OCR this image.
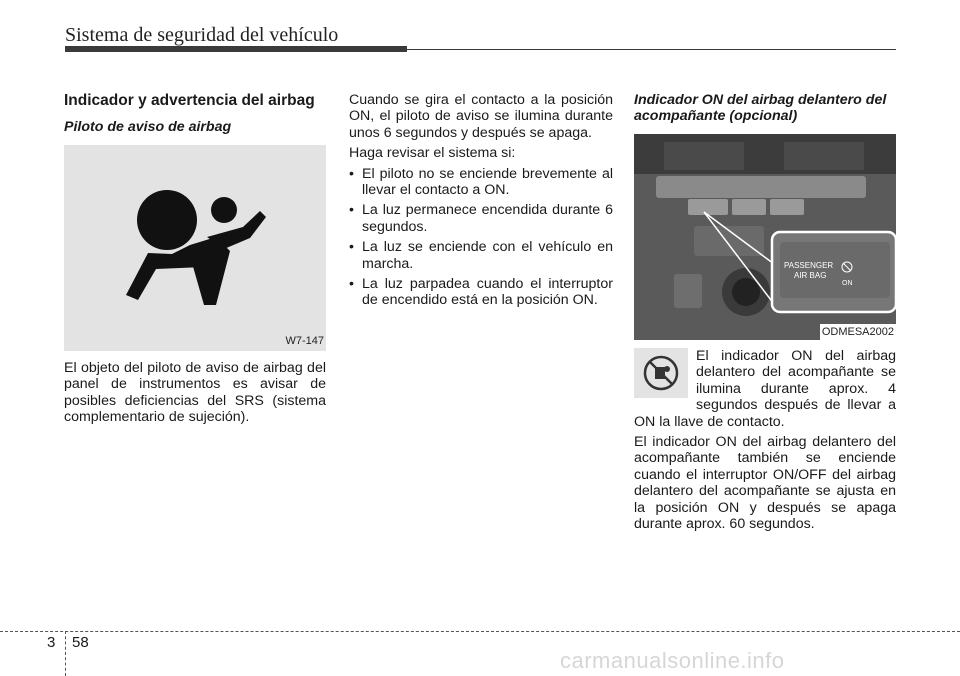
Sistema de seguridad del vehículo
Indicador y advertencia del airbag
Piloto de aviso de airbag
W7-147

El objeto del piloto de aviso de airbag del panel de instrumentos es avisar de posibles deficiencias del SRS (sistema complementario de sujeción).

Cuando se gira el contacto a la posición ON, el piloto de aviso se ilumina durante unos 6 segundos y después se apaga.

Haga revisar el sistema si:

• El piloto no se enciende brevemente al llevar el contacto a ON.
• La luz permanece encendida durante 6 segundos.
• La luz se enciende con el vehículo en marcha.
• La luz parpadea cuando el interruptor de encendido está en la posición ON.
Indicador ON del airbag delantero del acompañante (opcional)
PASSENGER
AIR BAG
ON
ODMESA2002

El indicador ON del airbag delantero del acompañante se ilumina durante aprox. 4 segundos después de llevar a ON la llave de contacto.

El indicador ON del airbag delantero del acompañante también se enciende cuando el interruptor ON/OFF del airbag delantero del acompañante se ajusta en la posición ON y después se apaga durante aprox. 60 segundos.

3 58
carmanualsonline.info
